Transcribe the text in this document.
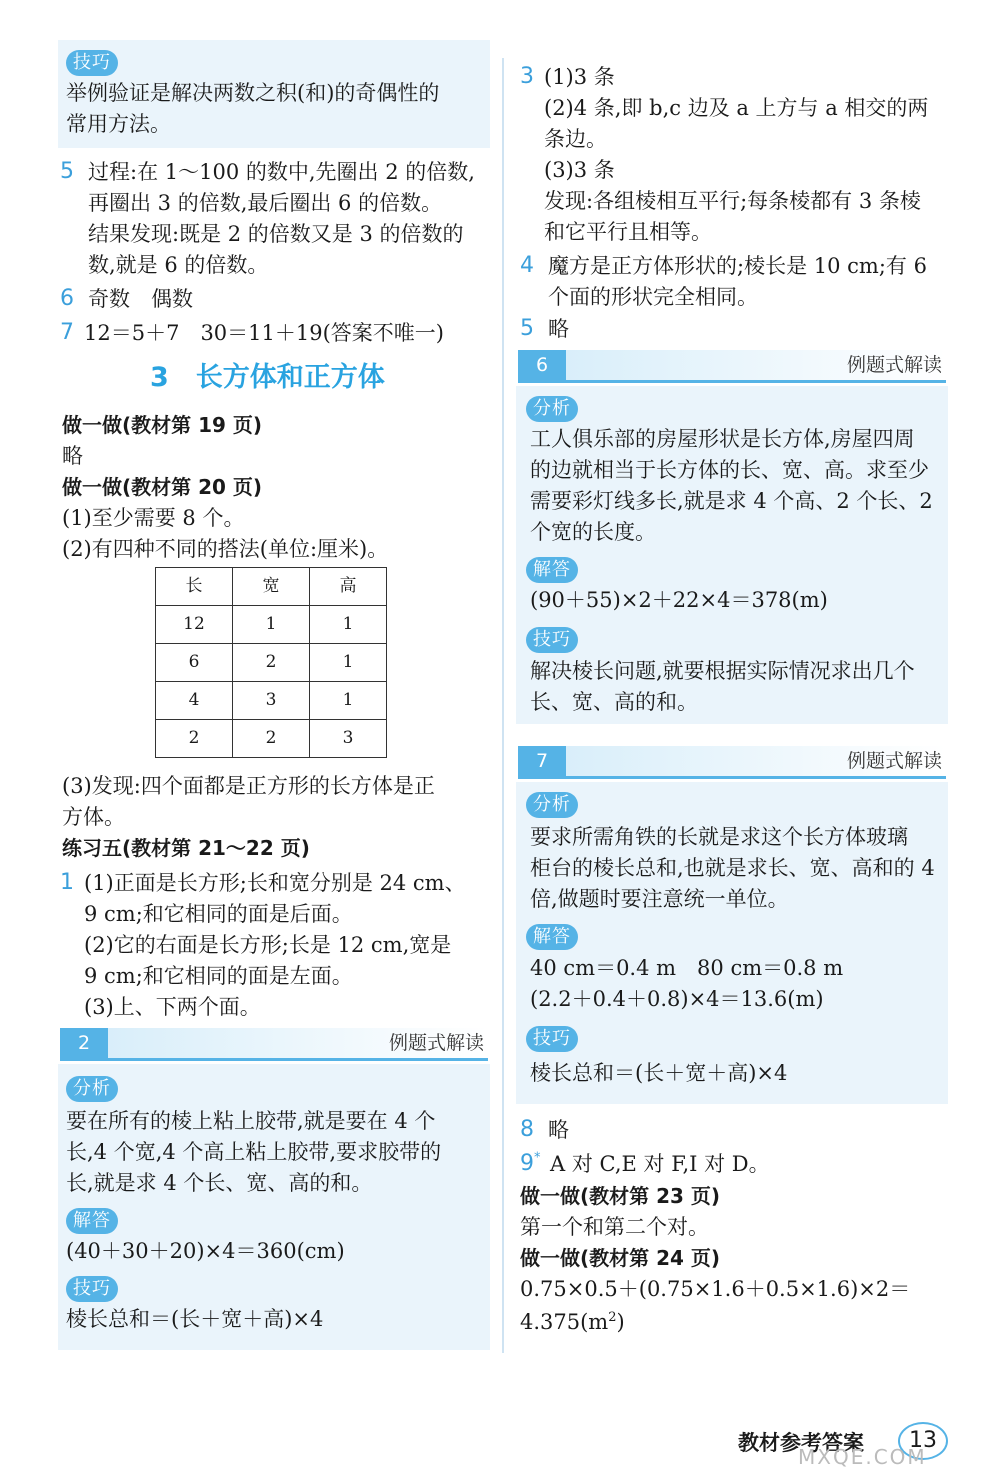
技巧
举例验证是解决两数之积(和)的奇偶性的
常用方法。
5 过程:在 1～100 的数中,先圈出 2 的倍数,
再圈出 3 的倍数,最后圈出 6 的倍数。
结果发现:既是 2 的倍数又是 3 的倍数的
数,就是 6 的倍数。
6 奇数　偶数
7 12＝5＋7　30＝11＋19(答案不唯一)
3　长方体和正方体
做一做(教材第 19 页)
略
做一做(教材第 20 页)
(1)至少需要 8 个。
(2)有四种不同的搭法(单位:厘米)。
长	宽	高
12	1	1
6	2	1
4	3	1
2	2	3
(3)发现:四个面都是正方形的长方体是正
方体。
练习五(教材第 21～22 页)
1 (1)正面是长方形;长和宽分别是 24 cm、
9 cm;和它相同的面是后面。
(2)它的右面是长方形;长是 12 cm,宽是
9 cm;和它相同的面是左面。
(3)上、下两个面。
2	例题式解读
分析
要在所有的棱上粘上胶带,就是要在 4 个
长,4 个宽,4 个高上粘上胶带,要求胶带的
长,就是求 4 个长、宽、高的和。
解答
(40＋30＋20)×4＝360(cm)
技巧
棱长总和＝(长＋宽＋高)×4
3 (1)3 条
(2)4 条,即 b,c 边及 a 上方与 a 相交的两
条边。
(3)3 条
发现:各组棱相互平行;每条棱都有 3 条棱
和它平行且相等。
4 魔方是正方体形状的;棱长是 10 cm;有 6
个面的形状完全相同。
5 略
6	例题式解读
分析
工人俱乐部的房屋形状是长方体,房屋四周
的边就相当于长方体的长、宽、高。求至少
需要彩灯线多长,就是求 4 个高、2 个长、2
个宽的长度。
解答
(90＋55)×2＋22×4＝378(m)
技巧
解决棱长问题,就要根据实际情况求出几个
长、宽、高的和。
7	例题式解读
分析
要求所需角铁的长就是求这个长方体玻璃
柜台的棱长总和,也就是求长、宽、高和的 4
倍,做题时要注意统一单位。
解答
40 cm＝0.4 m　80 cm＝0.8 m
(2.2＋0.4＋0.8)×4＝13.6(m)
技巧
棱长总和＝(长＋宽＋高)×4
8 略
9* A 对 C,E 对 F,I 对 D。
做一做(教材第 23 页)
第一个和第二个对。
做一做(教材第 24 页)
0.75×0.5＋(0.75×1.6＋0.5×1.6)×2＝
$4.375(m^2)$
教材参考答案	13
MXQE.COM
